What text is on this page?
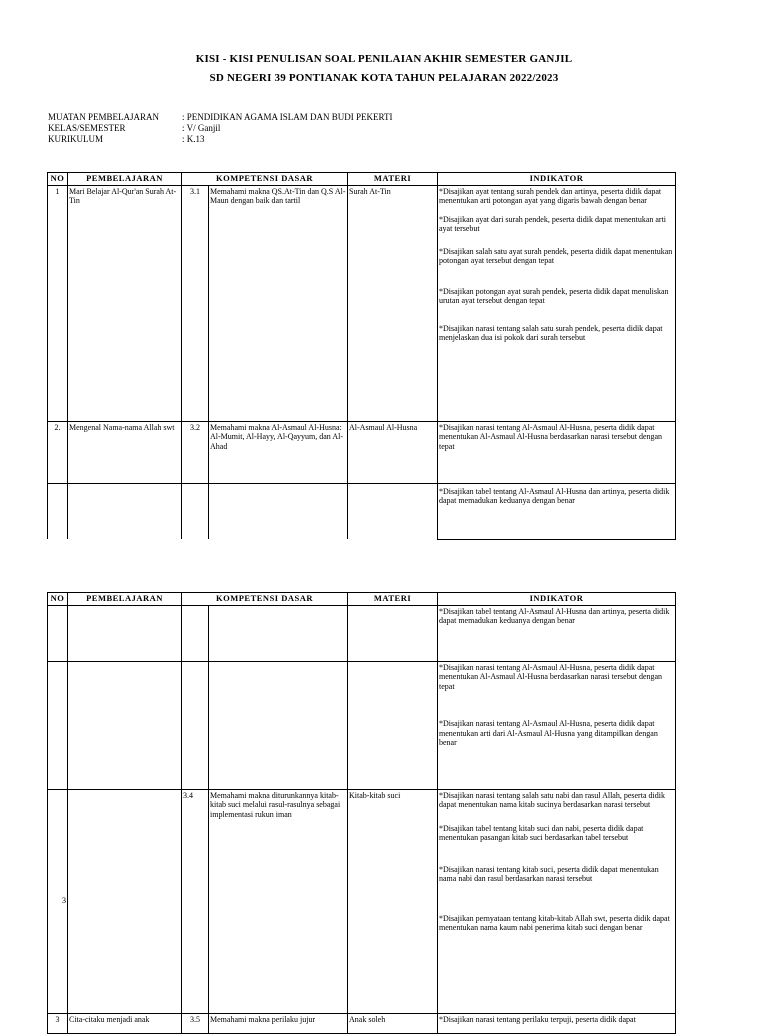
KISI - KISI PENULISAN SOAL PENILAIAN AKHIR SEMESTER GANJIL
SD NEGERI 39 PONTIANAK KOTA TAHUN PELAJARAN 2022/2023
MUATAN PEMBELAJARAN	: PENDIDIKAN AGAMA ISLAM DAN BUDI PEKERTI
KELAS/SEMESTER	: V/ Ganjil
KURIKULUM	: K.13
NO	PEMBELAJARAN	KOMPETENSI DASAR		MATERI	INDIKATOR
1	Mari Belajar Al-Qur'an Surah At-Tin	3.1	Memahami makna QS.At-Tin dan Q.S Al-Maun dengan baik dan tartil	Surah At-Tin	*Disajikan ayat tentang surah pendek dan artinya, peserta didik dapat menentukan arti potongan ayat yang digaris bawah dengan benar

*Disajikan ayat dari surah pendek, peserta didik dapat menentukan arti ayat tersebut

*Disajikan salah satu ayat surah pendek, peserta didik dapat menentukan potongan ayat tersebut dengan tepat

*Disajikan potongan ayat surah pendek, peserta didik dapat menuliskan urutan ayat tersebut dengan tepat

*Disajikan narasi tentang salah satu surah pendek, peserta didik dapat menjelaskan dua isi pokok dari surah tersebut

2.	Mengenal Nama-nama Allah swt	3.2	Memahami makna Al-Asmaul Al-Husna: Al-Mumit, Al-Hayy, Al-Qayyum, dan Al-Ahad	Al-Asmaul Al-Husna	*Disajikan narasi tentang Al-Asmaul Al-Husna, peserta didik dapat menentukan Al-Asmaul Al-Husna berdasarkan narasi tersebut dengan tepat

					*Disajikan tabel tentang Al-Asmaul Al-Husna dan artinya, peserta didik dapat memadukan keduanya dengan benar

NO	PEMBELAJARAN	KOMPETENSI DASAR		MATERI	INDIKATOR
					*Disajikan tabel tentang Al-Asmaul Al-Husna dan artinya, peserta didik dapat memadukan keduanya dengan benar

					*Disajikan narasi tentang Al-Asmaul Al-Husna, peserta didik dapat menentukan Al-Asmaul Al-Husna berdasarkan narasi tersebut dengan tepat

*Disajikan narasi tentang Al-Asmaul Al-Husna, peserta didik dapat menentukan arti dari Al-Asmaul Al-Husna yang ditampilkan dengan benar

3		3.4	Memahami makna diturunkannya kitab-kitab suci melalui rasul-rasulnya sebagai implementasi rukun iman	Kitab-kitab suci	*Disajikan narasi tentang salah satu nabi dan rasul Allah, peserta didik dapat menentukan nama kitab sucinya berdasarkan narasi tersebut

*Disajikan tabel tentang kitab suci dan nabi, peserta didik dapat menentukan pasangan kitab suci berdasarkan tabel tersebut

*Disajikan narasi tentang kitab suci, peserta didik dapat menentukan nama nabi dan rasul berdasarkan narasi tersebut

*Disajikan pernyataan tentang kitab-kitab Allah swt, peserta didik dapat menentukan nama kaum nabi penerima kitab suci dengan benar

3	Cita-citaku menjadi anak	3.5	Memahami makna perilaku jujur	Anak soleh	*Disajikan narasi tentang perilaku terpuji, peserta didik dapat
